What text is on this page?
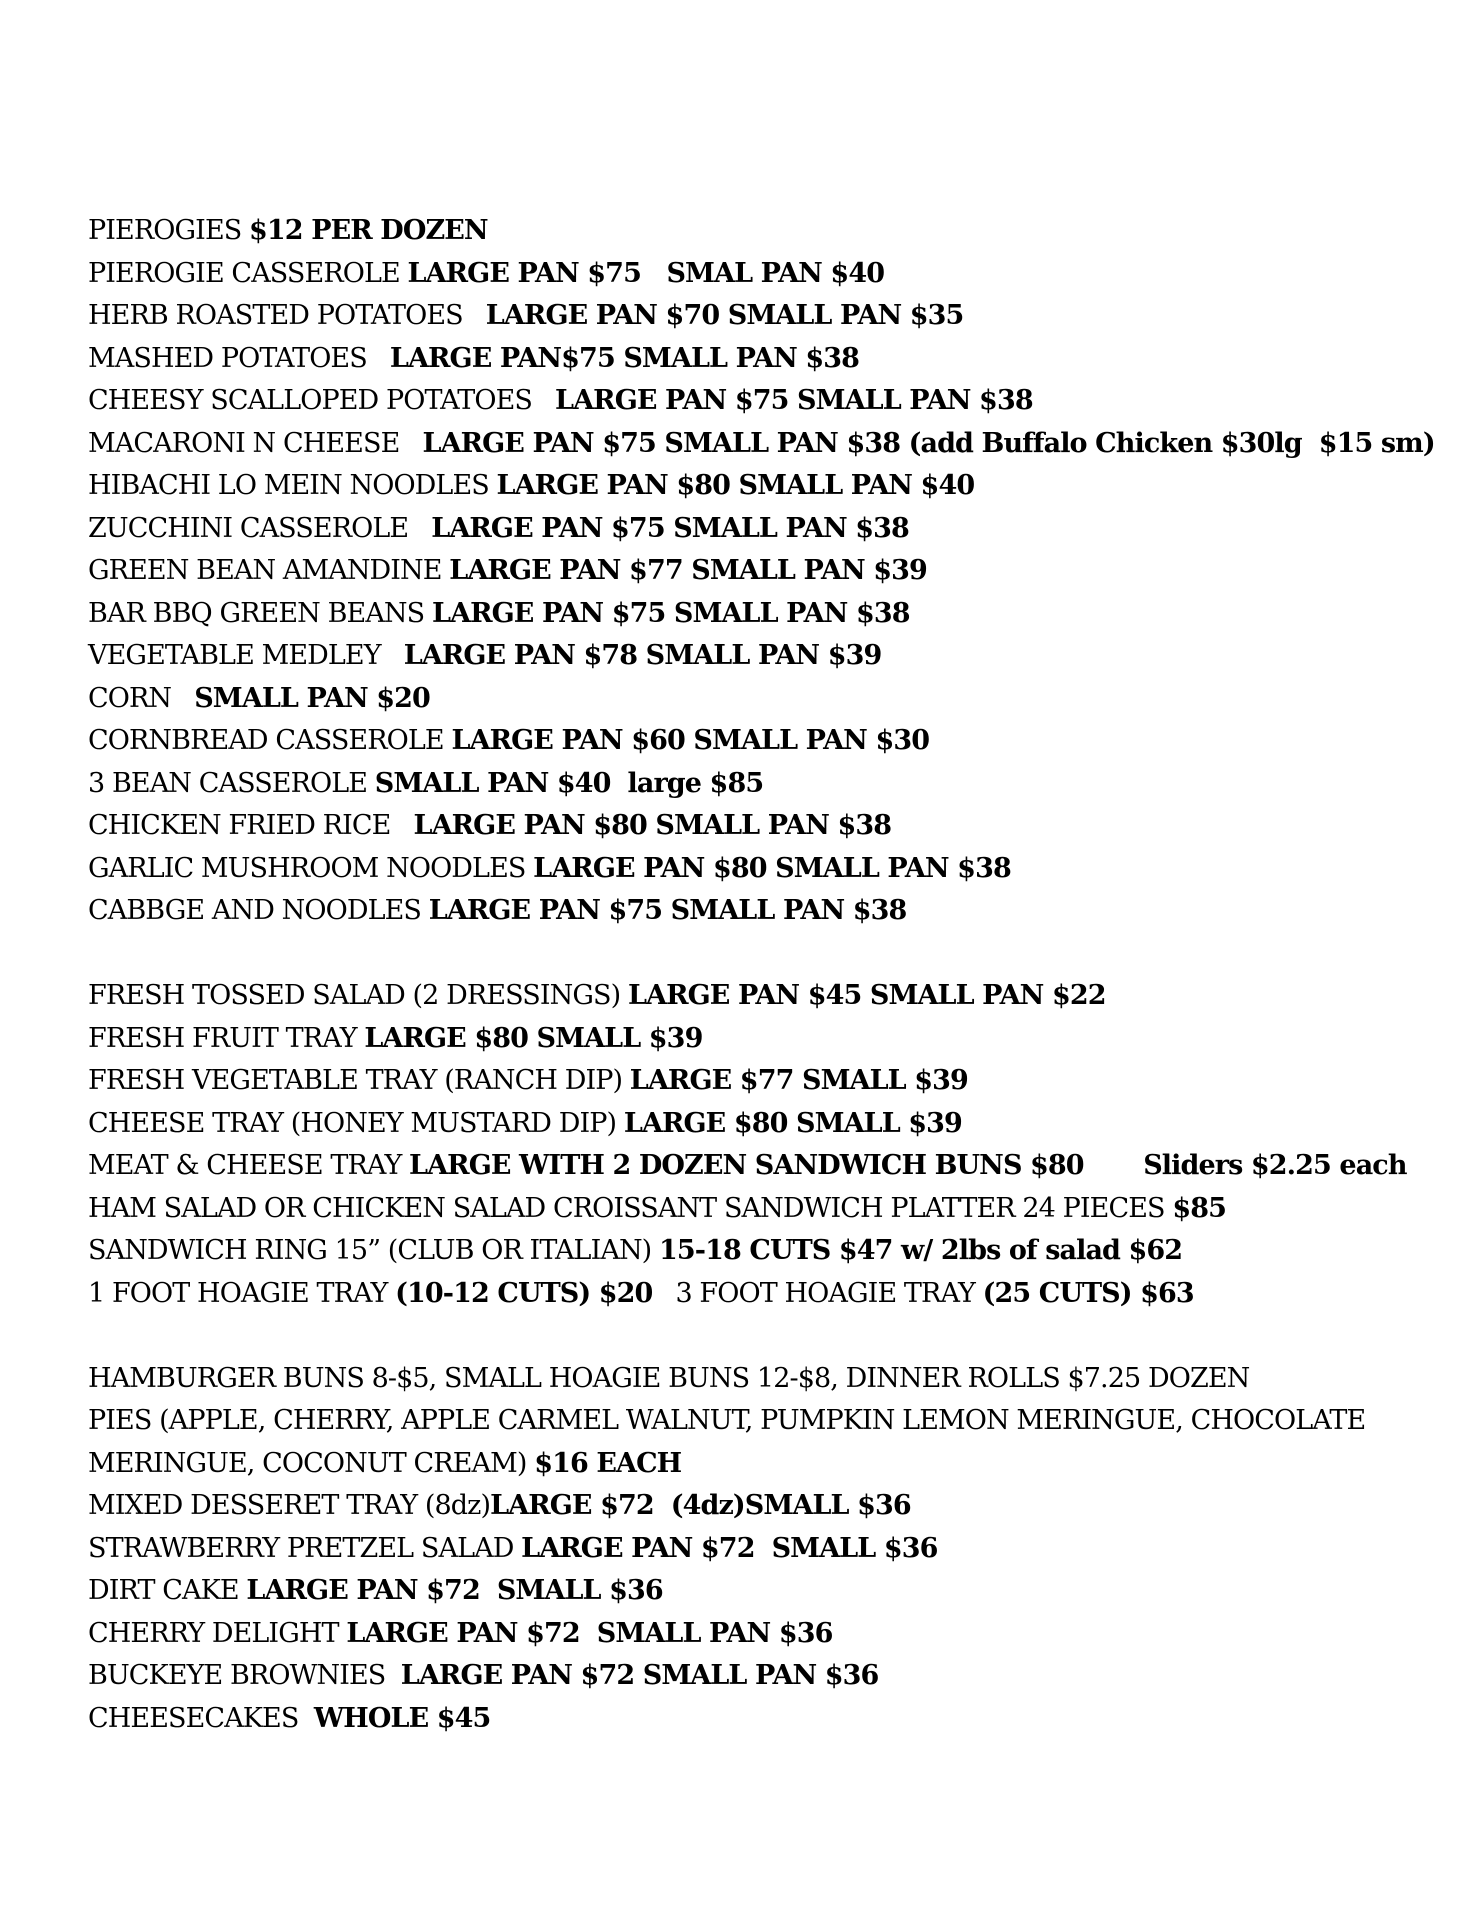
PIEROGIES $12 PER DOZEN
PIEROGIE CASSEROLE LARGE PAN $75   SMAL PAN $40
HERB ROASTED POTATOES   LARGE PAN $70 SMALL PAN $35
MASHED POTATOES   LARGE PAN$75 SMALL PAN $38
CHEESY SCALLOPED POTATOES   LARGE PAN $75 SMALL PAN $38
MACARONI N CHEESE   LARGE PAN $75 SMALL PAN $38 (add Buffalo Chicken $30lg  $15 sm)
HIBACHI LO MEIN NOODLES LARGE PAN $80 SMALL PAN $40
ZUCCHINI CASSEROLE   LARGE PAN $75 SMALL PAN $38
GREEN BEAN AMANDINE LARGE PAN $77 SMALL PAN $39
BAR BBQ GREEN BEANS LARGE PAN $75 SMALL PAN $38
VEGETABLE MEDLEY   LARGE PAN $78 SMALL PAN $39
CORN   SMALL PAN $20
CORNBREAD CASSEROLE LARGE PAN $60 SMALL PAN $30
3 BEAN CASSEROLE SMALL PAN $40  large $85
CHICKEN FRIED RICE   LARGE PAN $80 SMALL PAN $38
GARLIC MUSHROOM NOODLES LARGE PAN $80 SMALL PAN $38
CABBGE AND NOODLES LARGE PAN $75 SMALL PAN $38
FRESH TOSSED SALAD (2 DRESSINGS) LARGE PAN $45 SMALL PAN $22
FRESH FRUIT TRAY LARGE $80 SMALL $39
FRESH VEGETABLE TRAY (RANCH DIP) LARGE $77 SMALL $39
CHEESE TRAY (HONEY MUSTARD DIP) LARGE $80 SMALL $39
MEAT & CHEESE TRAY LARGE WITH 2 DOZEN SANDWICH BUNS $80       Sliders $2.25 each
HAM SALAD OR CHICKEN SALAD CROISSANT SANDWICH PLATTER 24 PIECES $85
SANDWICH RING 15” (CLUB OR ITALIAN) 15-18 CUTS $47 w/ 2lbs of salad $62
1 FOOT HOAGIE TRAY (10-12 CUTS) $20   3 FOOT HOAGIE TRAY (25 CUTS) $63
HAMBURGER BUNS 8-$5, SMALL HOAGIE BUNS 12-$8, DINNER ROLLS $7.25 DOZEN
PIES (APPLE, CHERRY, APPLE CARMEL WALNUT, PUMPKIN LEMON MERINGUE, CHOCOLATE
MERINGUE, COCONUT CREAM) $16 EACH
MIXED DESSERET TRAY (8dz)LARGE $72  (4dz)SMALL $36
STRAWBERRY PRETZEL SALAD LARGE PAN $72  SMALL $36
DIRT CAKE LARGE PAN $72  SMALL $36
CHERRY DELIGHT LARGE PAN $72  SMALL PAN $36
BUCKEYE BROWNIES  LARGE PAN $72 SMALL PAN $36
CHEESECAKES  WHOLE $45
